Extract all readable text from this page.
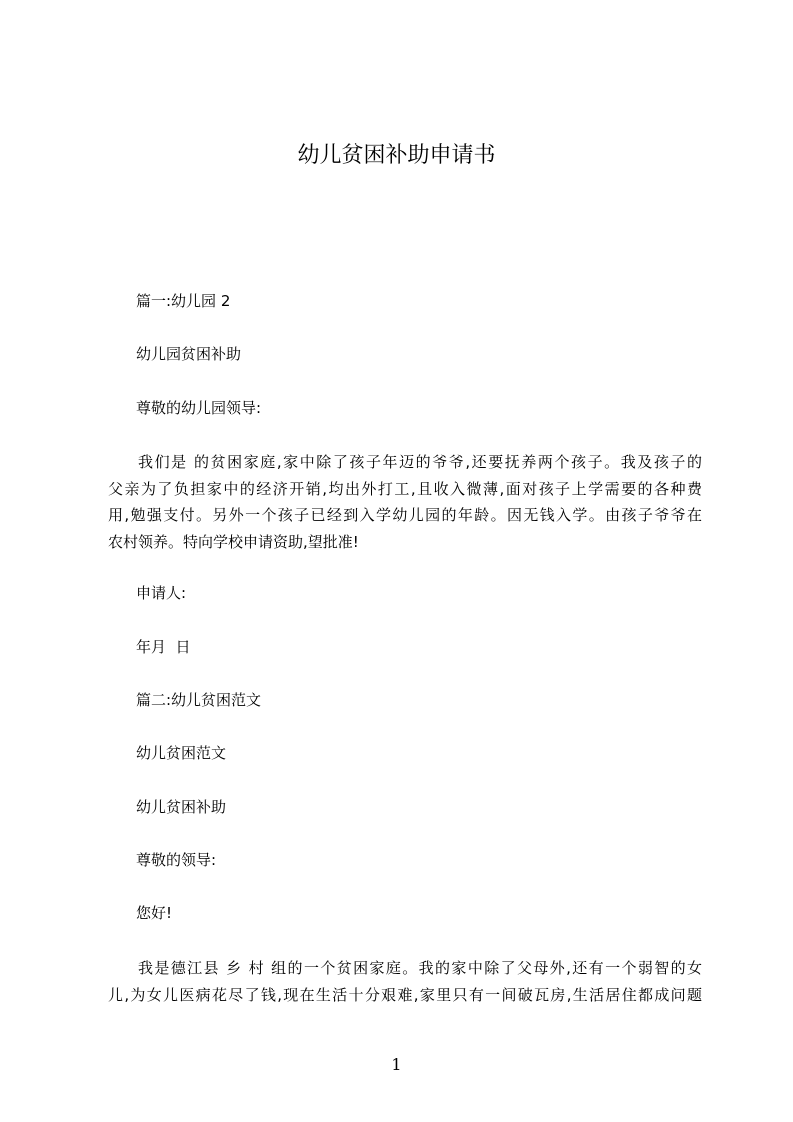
幼儿贫困补助申请书
篇一:幼儿园 2
幼儿园贫困补助
尊敬的幼儿园领导:
我们是 的贫困家庭,家中除了孩子年迈的爷爷,还要抚养两个孩子。我及孩子的
父亲为了负担家中的经济开销,均出外打工,且收入微薄,面对孩子上学需要的各种费
用,勉强支付。另外一个孩子已经到入学幼儿园的年龄。因无钱入学。由孩子爷爷在
农村领养。特向学校申请资助,望批准!
申请人:
年月  日
篇二:幼儿贫困范文
幼儿贫困范文
幼儿贫困补助
尊敬的领导:
您好!
我是德江县 乡 村 组的一个贫困家庭。我的家中除了父母外,还有一个弱智的女
儿,为女儿医病花尽了钱,现在生活十分艰难,家里只有一间破瓦房,生活居住都成问题
1
